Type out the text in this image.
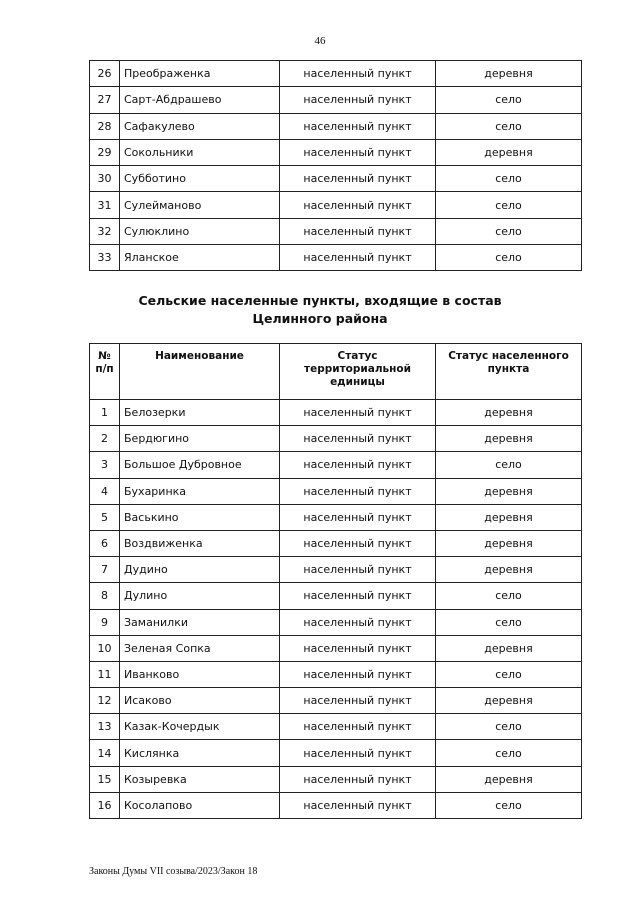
46
26	Преображенка	населенный пункт	деревня
27	Сарт-Абдрашево	населенный пункт	село
28	Сафакулево	населенный пункт	село
29	Сокольники	населенный пункт	деревня
30	Субботино	населенный пункт	село
31	Сулейманово	населенный пункт	село
32	Сулюклино	населенный пункт	село
33	Яланское	населенный пункт	село
Сельские населенные пункты, входящие в состав
Целинного района
№ п/п	Наименование	Статус территориальной единицы	Статус населенного пункта
1	Белозерки	населенный пункт	деревня
2	Бердюгино	населенный пункт	деревня
3	Большое Дубровное	населенный пункт	село
4	Бухаринка	населенный пункт	деревня
5	Васькино	населенный пункт	деревня
6	Воздвиженка	населенный пункт	деревня
7	Дудино	населенный пункт	деревня
8	Дулино	населенный пункт	село
9	Заманилки	населенный пункт	село
10	Зеленая Сопка	населенный пункт	деревня
11	Иванково	населенный пункт	село
12	Исаково	населенный пункт	деревня
13	Казак-Кочердык	населенный пункт	село
14	Кислянка	населенный пункт	село
15	Козыревка	населенный пункт	деревня
16	Косолапово	населенный пункт	село
Законы Думы VII созыва/2023/Закон 18
